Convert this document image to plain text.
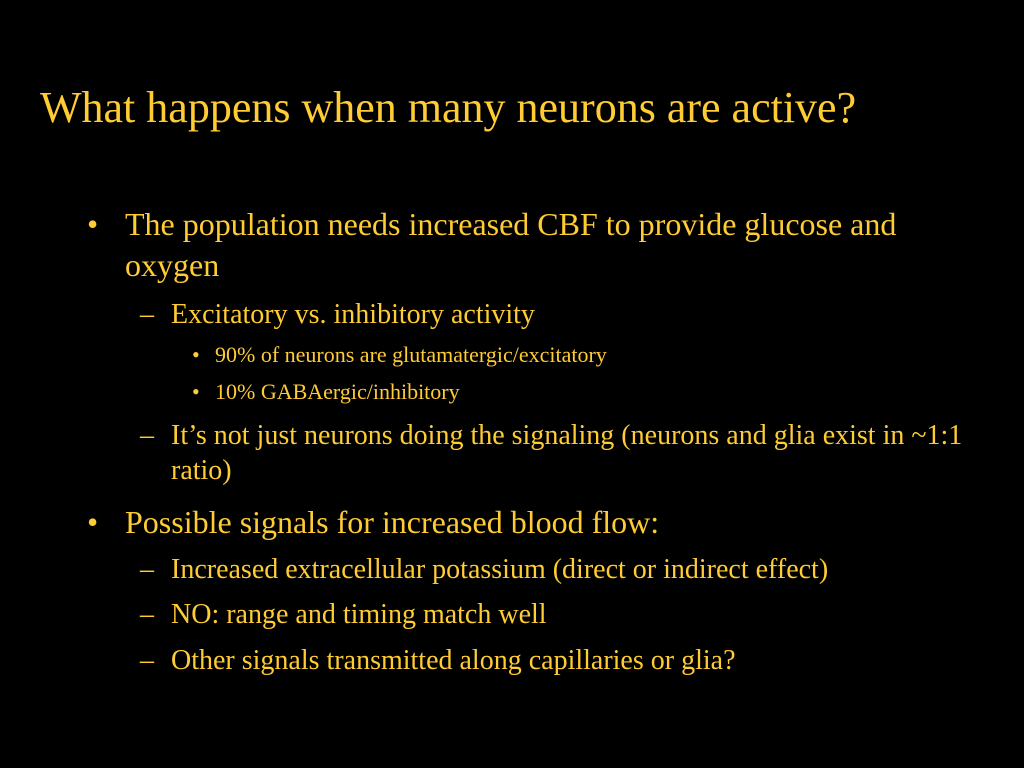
What happens when many neurons are active?
• The population needs increased CBF to provide glucose and oxygen
– Excitatory vs. inhibitory activity
• 90% of neurons are glutamatergic/excitatory
• 10% GABAergic/inhibitory
– It’s not just neurons doing the signaling (neurons and glia exist in ~1:1 ratio)
• Possible signals for increased blood flow:
– Increased extracellular potassium (direct or indirect effect)
– NO: range and timing match well
– Other signals transmitted along capillaries or glia?
